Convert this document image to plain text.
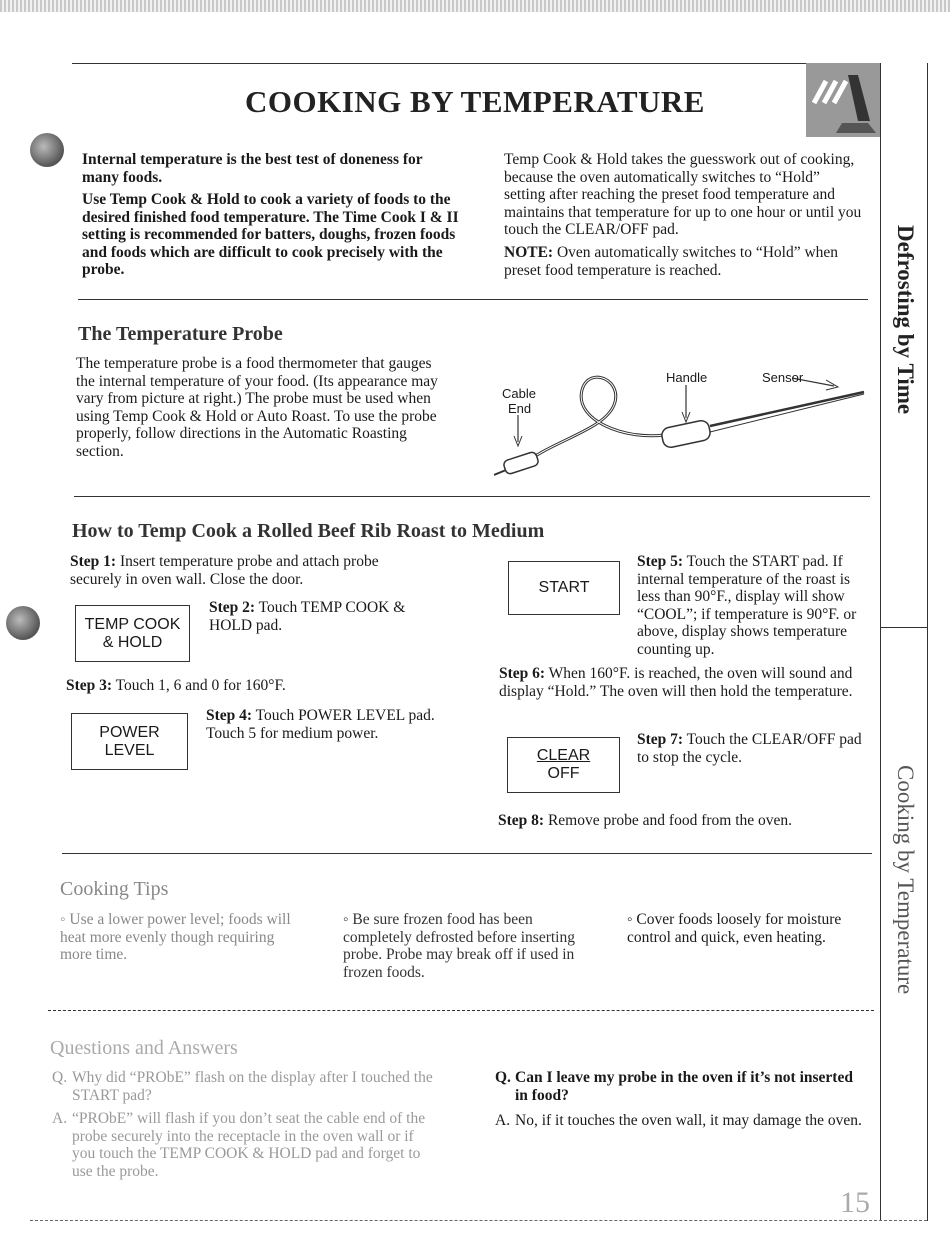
COOKING BY TEMPERATURE
Defrosting by Time
Cooking by Temperature
Internal temperature is the best test of doneness for many foods.
Use Temp Cook & Hold to cook a variety of foods to the desired finished food temperature. The Time Cook I & II setting is recommended for batters, doughs, frozen foods and foods which are difficult to cook precisely with the probe.
Temp Cook & Hold takes the guesswork out of cooking, because the oven automatically switches to “Hold” setting after reaching the preset food temperature and maintains that temperature for up to one hour or until you touch the CLEAR/OFF pad.
NOTE: Oven automatically switches to “Hold” when preset food temperature is reached.
The Temperature Probe
The temperature probe is a food thermometer that gauges the internal temperature of your food. (Its appearance may vary from picture at right.) The probe must be used when using Temp Cook & Hold or Auto Roast. To use the probe properly, follow directions in the Automatic Roasting section.
Cable
End
Handle	Sensor
How to Temp Cook a Rolled Beef Rib Roast to Medium
Step 1: Insert temperature probe and attach probe securely in oven wall. Close the door.
TEMP COOK
& HOLD
Step 2: Touch TEMP COOK & HOLD pad.
Step 3: Touch 1, 6 and 0 for 160°F.
POWER
LEVEL
Step 4: Touch POWER LEVEL pad. Touch 5 for medium power.
START
Step 5: Touch the START pad. If internal temperature of the roast is less than 90°F., display will show “COOL”; if temperature is 90°F. or above, display shows temperature counting up.
Step 6: When 160°F. is reached, the oven will sound and display “Hold.” The oven will then hold the temperature.
CLEAR
OFF
Step 7: Touch the CLEAR/OFF pad to stop the cycle.
Step 8: Remove probe and food from the oven.
Cooking Tips
◦ Use a lower power level; foods will heat more evenly though requiring more time.
◦ Be sure frozen food has been completely defrosted before inserting probe. Probe may break off if used in frozen foods.
◦ Cover foods loosely for moisture control and quick, even heating.
Questions and Answers
Q. Why did “PRObE” flash on the display after I touched the START pad?
A. “PRObE” will flash if you don’t seat the cable end of the probe securely into the receptacle in the oven wall or if you touch the TEMP COOK & HOLD pad and forget to use the probe.
Q. Can I leave my probe in the oven if it’s not inserted in food?
A. No, if it touches the oven wall, it may damage the oven.
15
